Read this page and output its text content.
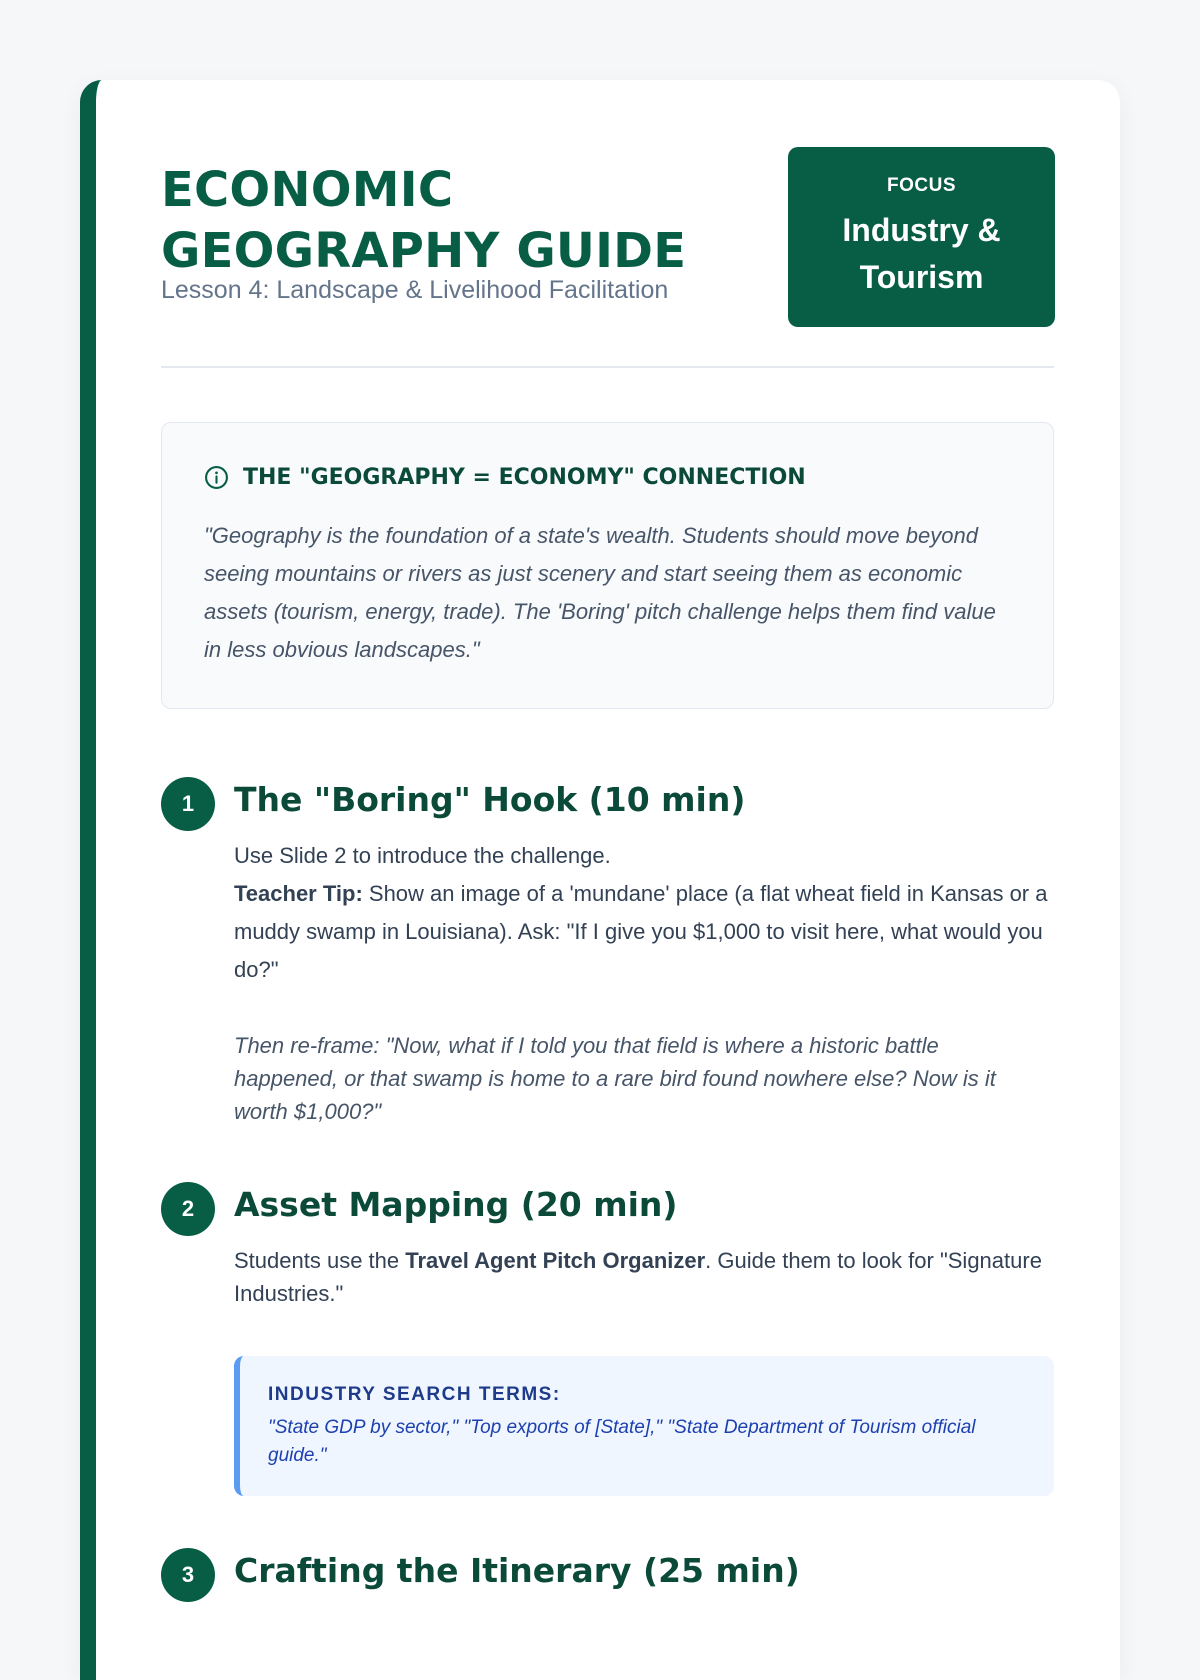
ECONOMIC
GEOGRAPHY GUIDE

Lesson 4: Landscape & Livelihood Facilitation

FOCUS
Industry &
Tourism
THE "GEOGRAPHY = ECONOMY" CONNECTION

"Geography is the foundation of a state's wealth. Students should move beyond seeing mountains or rivers as just scenery and start seeing them as economic assets (tourism, energy, trade). The 'Boring' pitch challenge helps them find value in less obvious landscapes."

1	The "Boring" Hook (10 min)

Use Slide 2 to introduce the challenge.
Teacher Tip: Show an image of a 'mundane' place (a flat wheat field in Kansas or a muddy swamp in Louisiana). Ask: "If I give you $1,000 to visit here, what would you do?"

Then re-frame: "Now, what if I told you that field is where a historic battle happened, or that swamp is home to a rare bird found nowhere else? Now is it worth $1,000?"

2	Asset Mapping (20 min)

Students use the Travel Agent Pitch Organizer. Guide them to look for "Signature Industries."

INDUSTRY SEARCH TERMS:

"State GDP by sector," "Top exports of [State]," "State Department of Tourism official guide."

3	Crafting the Itinerary (25 min)
